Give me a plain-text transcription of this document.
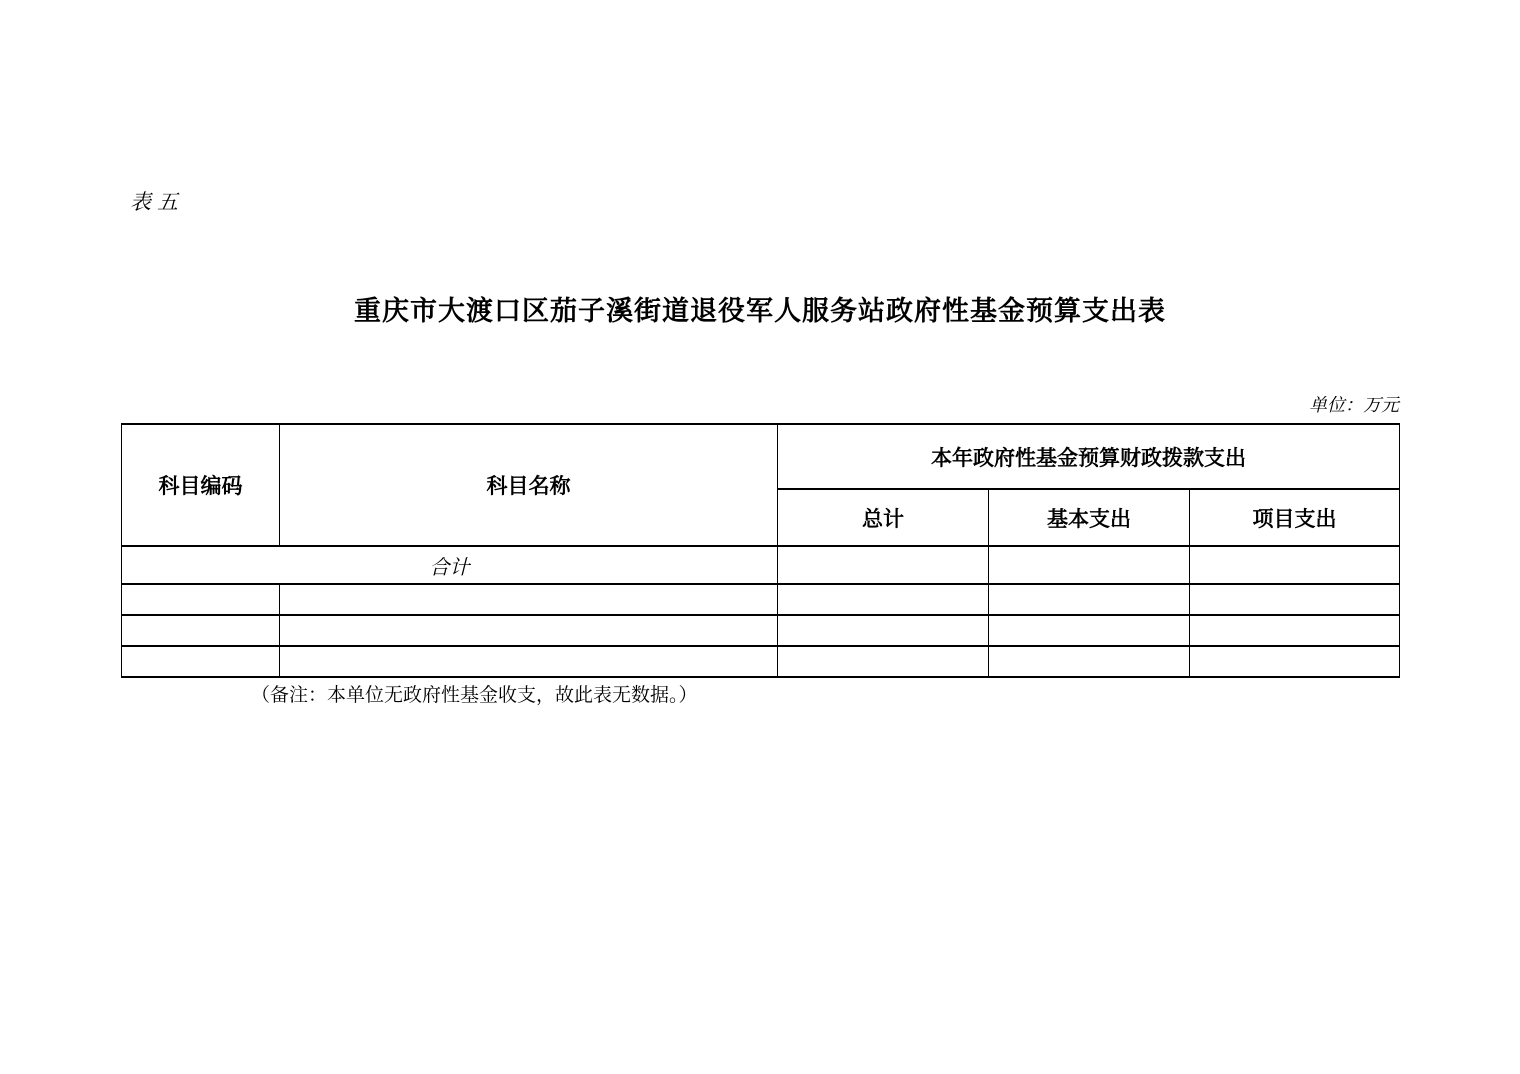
表五
重庆市大渡口区茄子溪街道退役军人服务站政府性基金预算支出表
单位：万元
科目编码	科目名称	本年政府性基金预算财政拨款支出		
		总计	基本支出	项目支出
合计				

（备注：本单位无政府性基金收支，故此表无数据。）
